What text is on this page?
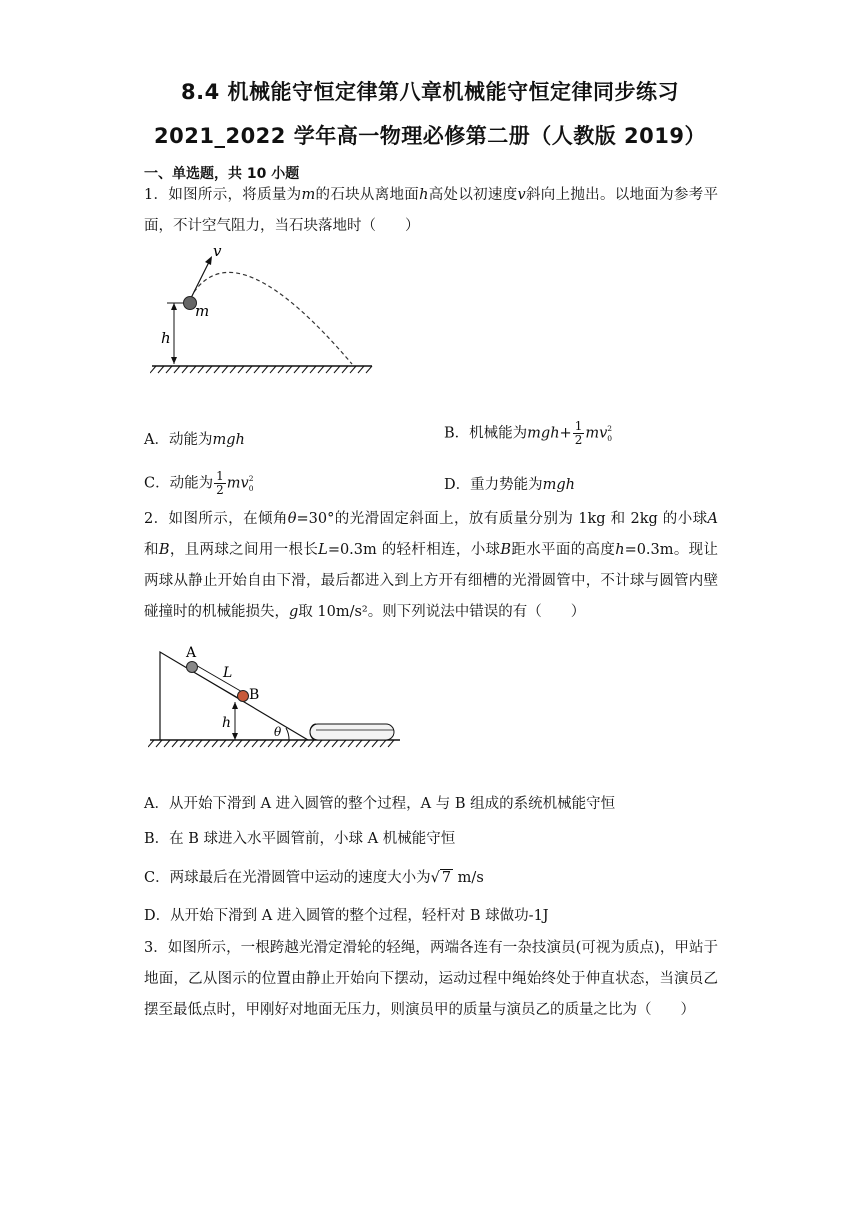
8.4 机械能守恒定律第八章机械能守恒定律同步练习
2021_2022 学年高一物理必修第二册（人教版 2019）
一、单选题，共 10 小题
1．如图所示，将质量为m的石块从离地面h高处以初速度v斜向上抛出。以地面为参考平面，不计空气阻力，当石块落地时（　　）
h
v
m
A．动能为mgh	B．机械能为$mgh+ \frac{1}{2}$ mv 2
0
C．动能为 $\frac{1}{2}$ mv 2
0	D．重力势能为mgh
2．如图所示，在倾角θ=30°的光滑固定斜面上，放有质量分别为 1kg 和 2kg 的小球A和B，且两球之间用一根长L=0.3m 的轻杆相连，小球B距水平面的高度h=0.3m。现让两球从静止开始自由下滑，最后都进入到上方开有细槽的光滑圆管中，不计球与圆管内壁碰撞时的机械能损失，g取 10m/s²。则下列说法中错误的有（　　）
θ
A
B
L
h
A．从开始下滑到 A 进入圆管的整个过程，A 与 B 组成的系统机械能守恒
B．在 B 球进入水平圆管前，小球 A 机械能守恒
C．两球最后在光滑圆管中运动的速度大小为√ 7 m/s
D．从开始下滑到 A 进入圆管的整个过程，轻杆对 B 球做功-1J
3．如图所示，一根跨越光滑定滑轮的轻绳，两端各连有一杂技演员(可视为质点)，甲站于地面，乙从图示的位置由静止开始向下摆动，运动过程中绳始终处于伸直状态，当演员乙摆至最低点时，甲刚好对地面无压力，则演员甲的质量与演员乙的质量之比为（　　）
